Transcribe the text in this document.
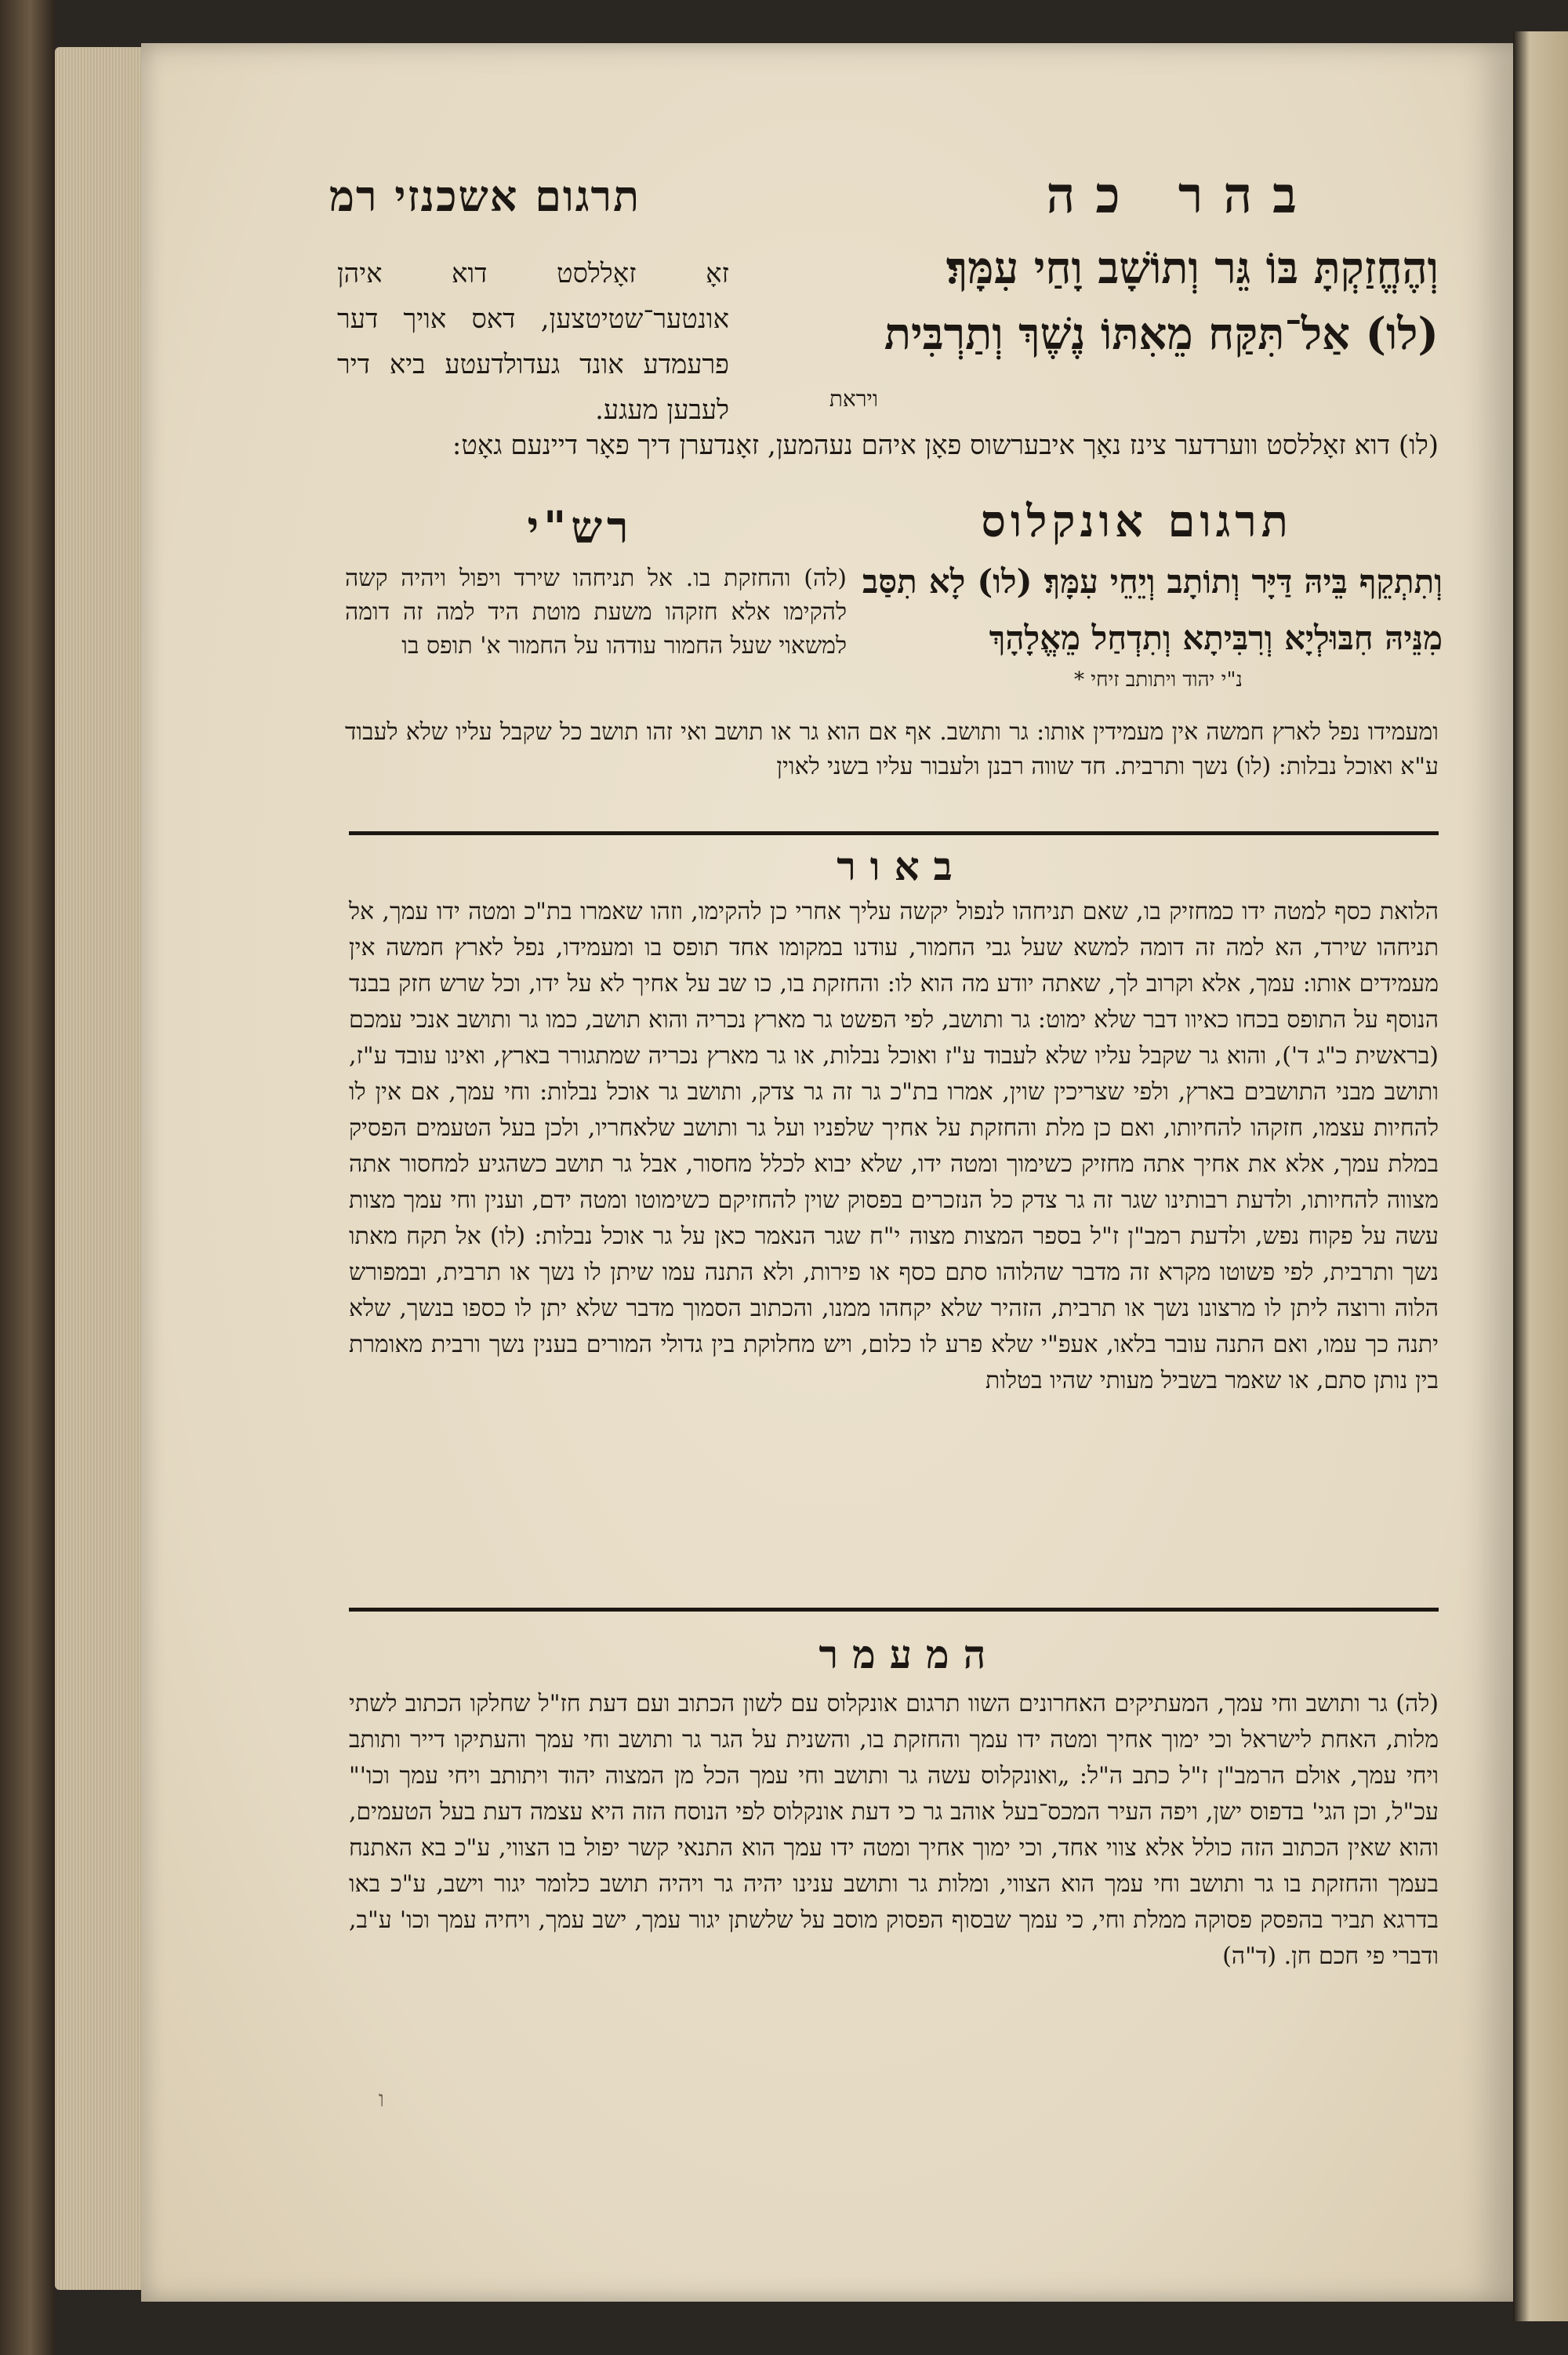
תרגום אשכנזי רמ	בהר כה
זאָ זאָללסט דוא איהן אונטער־שטיטצען, דאס אויך דער פרעמדע אונד געדולדעטע ביא דיר לעבען מעגע.
וְהֶחֱזַקְתָּ בּוֹ גֵּר וְתוֹשָׁב וָחַי עִמָּךְ׃
(לו) אַל־תִּקַּח מֵאִתּוֹ נֶשֶׁךְ וְתַרְבִּית
ויראת
(לו) דוא זאָללסט ווערדער צינז נאָך איבערשוס פאָן איהם נעהמען, זאָנדערן דיך פאָר דיינעם גאָט:
רש"י	תרגום אונקלוס
(לה) והחזקת בו. אל תניחהו שירד ויפול ויהיה קשה להקימו אלא חזקהו משעת מוטת היד למה זה דומה למשאוי שעל החמור עודהו על החמור א' תופס בו
וְתִתְקֵף בֵּיהּ דַּיָּר וְתוֹתָב וְיֵחֵי עִמָּךְ׃ (לו) לָא תִסַּב מִנֵּיהּ חִבּוּלְיָא וְרִבִּיתָא וְתִדְחַל מֵאֱלָהָךְ
* נ"י יהוד ויתותב זיחי
ומעמידו נפל לארץ חמשה אין מעמידין אותו: גר ותושב. אף אם הוא גר או תושב ואי זהו תושב כל שקבל עליו שלא לעבוד ע"א ואוכל נבלות: (לו) נשך ותרבית. חד שווה רבנן ולעבור עליו בשני לאוין
באור
הלואת כסף למטה ידו כמחזיק בו, שאם תניחהו לנפול יקשה עליך אחרי כן להקימו, וזהו שאמרו בת"כ ומטה ידו עמך, אל תניחהו שירד, הא למה זה דומה למשא שעל גבי החמור, עודנו במקומו אחד תופס בו ומעמידו, נפל לארץ חמשה אין מעמידים אותו: עמך, אלא וקרוב לך, שאתה יודע מה הוא לו: והחזקת בו, כו שב על אחיך לא על ידו, וכל שרש חזק בבנד הנוסף על התופס בכחו כאיוו דבר שלא ימוט: גר ותושב, לפי הפשט גר מארץ נכריה והוא תושב, כמו גר ותושב אנכי עמכם (בראשית כ"ג ד'), והוא גר שקבל עליו שלא לעבוד ע"ז ואוכל נבלות, או גר מארץ נכריה שמתגורר בארץ, ואינו עובד ע"ז, ותושב מבני התושבים בארץ, ולפי שצריכין שוין, אמרו בת"כ גר זה גר צדק, ותושב גר אוכל נבלות: וחי עמך, אם אין לו להחיות עצמו, חזקהו להחיותו, ואם כן מלת והחזקת על אחיך שלפניו ועל גר ותושב שלאחריו, ולכן בעל הטעמים הפסיק במלת עמך, אלא את אחיך אתה מחזיק כשימוך ומטה ידו, שלא יבוא לכלל מחסור, אבל גר תושב כשהגיע למחסור אתה מצווה להחיותו, ולדעת רבותינו שגר זה גר צדק כל הנזכרים בפסוק שוין להחזיקם כשימוטו ומטה ידם, וענין וחי עמך מצות עשה על פקוח נפש, ולדעת רמב"ן ז"ל בספר המצות מצוה י"ח שגר הנאמר כאן על גר אוכל נבלות: (לו) אל תקח מאתו נשך ותרבית, לפי פשוטו מקרא זה מדבר שהלוהו סתם כסף או פירות, ולא התנה עמו שיתן לו נשך או תרבית, ובמפורש הלוה ורוצה ליתן לו מרצונו נשך או תרבית, הזהיר שלא יקחהו ממנו, והכתוב הסמוך מדבר שלא יתן לו כספו בנשך, שלא יתנה כך עמו, ואם התנה עובר בלאו, אעפ"י שלא פרע לו כלום, ויש מחלוקת בין גדולי המורים בענין נשך ורבית מאומרת בין נותן סתם, או שאמר בשביל מעותי שהיו בטלות
המעמר
(לה) גר ותושב וחי עמך, המעתיקים האחרונים השוו תרגום אונקלוס עם לשון הכתוב ועם דעת חז"ל שחלקו הכתוב לשתי מלות, האחת לישראל וכי ימוך אחיך ומטה ידו עמך והחזקת בו, והשנית על הגר גר ותושב וחי עמך והעתיקו דייר ותותב ויחי עמך, אולם הרמב"ן ז"ל כתב ה"ל: „ואונקלוס עשה גר ותושב וחי עמך הכל מן המצוה יהוד ויתותב ויחי עמך וכו'" עכ"ל, וכן הגי' בדפוס ישן, ויפה העיר המכס־בעל אוהב גר כי דעת אונקלוס לפי הנוסח הזה היא עצמה דעת בעל הטעמים, והוא שאין הכתוב הזה כולל אלא צווי אחד, וכי ימוך אחיך ומטה ידו עמך הוא התנאי קשר יפול בו הצווי, ע"כ בא האתנח בעמך והחזקת בו גר ותושב וחי עמך הוא הצווי, ומלות גר ותושב ענינו יהיה גר ויהיה תושב כלומר יגור וישב, ע"כ באו בדרגא תביר בהפסק פסוקה ממלת וחי, כי עמך שבסוף הפסוק מוסב על שלשתן יגור עמך, ישב עמך, ויחיה עמך וכו' ע"ב, ודברי פי חכם חן. (ד"ה)
ו
